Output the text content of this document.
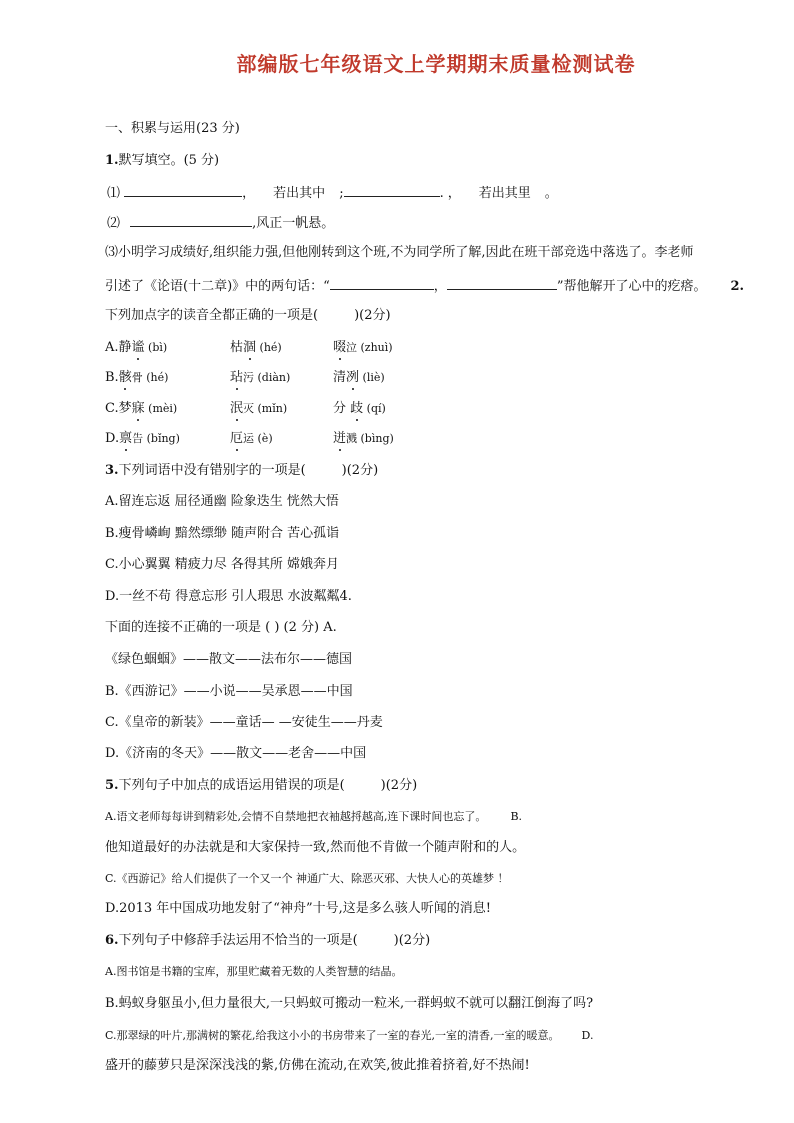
部编版七年级语文上学期期末质量检测试卷
一、积累与运用(23 分)
1.默写填空。(5 分)
⑴	， 若出其中 ;	. ， 若出其里 。
⑵	,风正一帆悬。
⑶小明学习成绩好,组织能力强,但他刚转到这个班,不为同学所了解,因此在班干部竞选中落选了。李老师
引述了《论语(十二章)》中的两句话：“	，	”帮他解开了心中的疙瘩。 2.
下列加点字的读音全都正确的一项是(	)(2分)
A.静谧 (bì)	枯涸 (hé)	啜泣 (zhuì)
B.骸骨 (hé)	玷污 (diàn)	清冽 (liè)
C.梦寐 (mèi)	泯灭 (mǐn)	分 歧 (qí)
D.禀告 (bǐng)	厄运 (è)	迸溅 (bìng)
3.下列词语中没有错别字的一项是(	)(2分)
A.留连忘返 屈径通幽 险象迭生 恍然大悟
B.瘦骨嶙峋 黯然缥缈 随声附合 苦心孤诣
C.小心翼翼 精疲力尽 各得其所 嫦娥奔月
D.一丝不苟 得意忘形 引人瑕思 水波粼粼4.
下面的连接不正确的一项是 ( ) (2 分) A.
《绿色蝈蝈》——散文——法布尔——德国
B.《西游记》——小说——吴承恩——中国
C.《皇帝的新装》——童话— —安徒生——丹麦
D.《济南的冬天》——散文——老舍——中国
5.下列句子中加点的成语运用错误的项是(	)(2分)
A.语文老师每每讲到精彩处,会情不自禁地把衣袖越捋越高,连下课时间也忘了。 B.
他知道最好的办法就是和大家保持一致,然而他不肯做一个随声附和的人。
C.《西游记》给人们提供了一个又一个 神通广大、除恶灭邪、大快人心的英雄梦 ！
D.2013 年中国成功地发射了“神舟”十号,这是多么骇人听闻的消息!
6.下列句子中修辞手法运用不恰当的一项是(	)(2分)
A.图书馆是书籍的宝库，那里贮藏着无数的人类智慧的结晶。
B.蚂蚁身躯虽小,但力量很大,一只蚂蚁可搬动一粒米,一群蚂蚁不就可以翻江倒海了吗?
C.那翠绿的叶片,那满树的繁花,给我这小小的书房带来了一室的春光,一室的清香,一室的暖意。 D.
盛开的藤萝只是深深浅浅的紫,仿佛在流动,在欢笑,彼此推着挤着,好不热闹!
